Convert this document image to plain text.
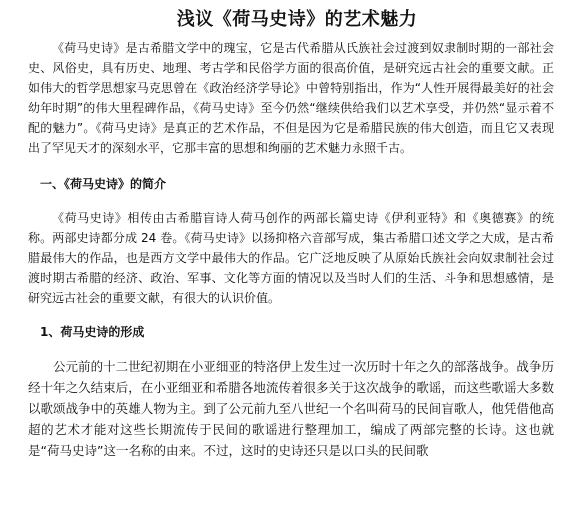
浅议《荷马史诗》的艺术魅力

《荷马史诗》是古希腊文学中的瑰宝，它是古代希腊从氏族社会过渡到奴隶制时期的一部社会史、风俗史，具有历史、地理、考古学和民俗学方面的很高价值，是研究远古社会的重要文献。正如伟大的哲学思想家马克思曾在《政治经济学导论》中曾特别指出，作为“人性开展得最美好的社会幼年时期”的伟大里程碑作品，《荷马史诗》至今仍然“继续供给我们以艺术享受，并仍然“显示着不配的魅力”。《荷马史诗》是真正的艺术作品，不但是因为它是希腊民族的伟大创造，而且它又表现出了罕见天才的深刻水平，它那丰富的思想和绚丽的艺术魅力永照千古。

一、《荷马史诗》的简介

《荷马史诗》相传由古希腊盲诗人荷马创作的两部长篇史诗《伊利亚特》和《奥德赛》的统称。两部史诗都分成 24 卷。《荷马史诗》以扬抑格六音部写成，集古希腊口述文学之大成，是古希腊最伟大的作品，也是西方文学中最伟大的作品。它广泛地反映了从原始氏族社会向奴隶制社会过渡时期古希腊的经济、政治、军事、文化等方面的情况以及当时人们的生活、斗争和思想感情，是研究远古社会的重要文献，有很大的认识价值。

1、荷马史诗的形成

公元前的十二世纪初期在小亚细亚的特洛伊上发生过一次历时十年之久的部落战争。战争历经十年之久结束后，在小亚细亚和希腊各地流传着很多关于这次战争的歌谣，而这些歌谣大多数以歌颂战争中的英雄人物为主。到了公元前九至八世纪一个名叫荷马的民间盲歌人，他凭借他高超的艺术才能对这些长期流传于民间的歌谣进行整理加工，编成了两部完整的长诗。这也就是“荷马史诗”这一名称的由来。不过，这时的史诗还只是以口头的民间歌
